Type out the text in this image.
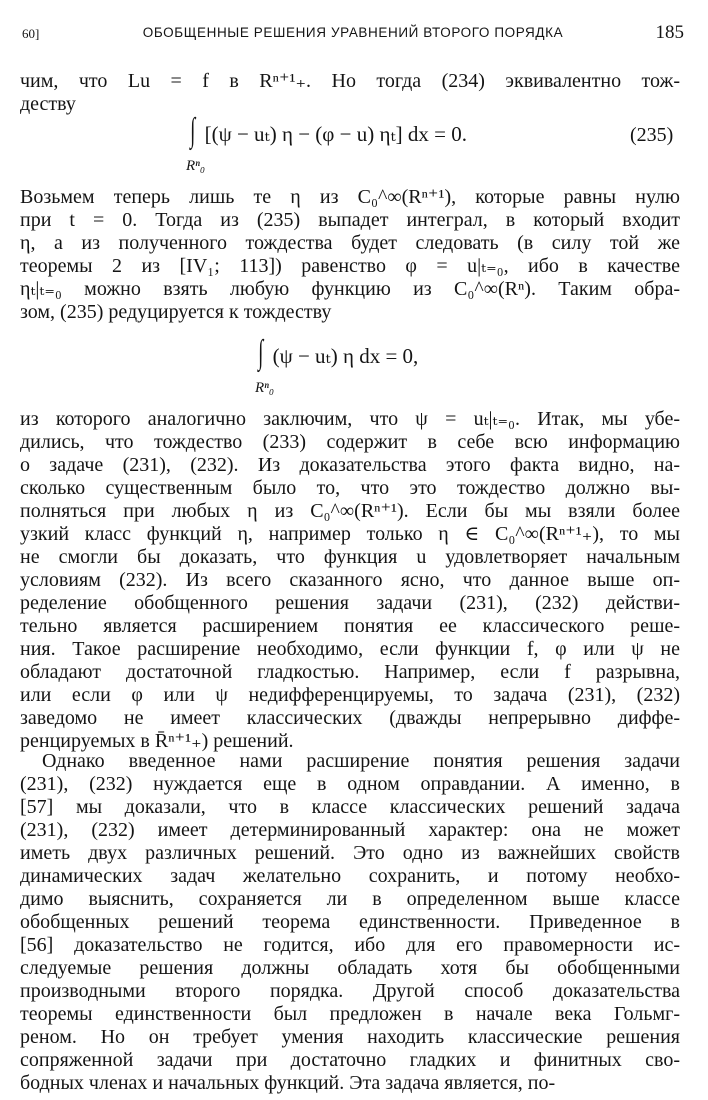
60]	ОБОБЩЕННЫЕ РЕШЕНИЯ УРАВНЕНИЙ ВТОРОГО ПОРЯДКА	185
чим, что Lu = f в Rⁿ⁺¹₊. Но тогда (234) эквивалентно тож-
деству
∫ [(ψ − uₜ) η − (φ − u) ηₜ] dx = 0.
Rⁿ₀
(235)
Возьмем теперь лишь те η из C₀^∞(Rⁿ⁺¹), которые равны нулю
при t = 0. Тогда из (235) выпадет интеграл, в который входит
η, а из полученного тождества будет следовать (в силу той же
теоремы 2 из [IV₁; 113]) равенство φ = u|ₜ₌₀, ибо в качестве
ηₜ|ₜ₌₀ можно взять любую функцию из C₀^∞(Rⁿ). Таким обра-
зом, (235) редуцируется к тождеству
∫ (ψ − uₜ) η dx = 0,
Rⁿ₀
из которого аналогично заключим, что ψ = uₜ|ₜ₌₀. Итак, мы убе-
дились, что тождество (233) содержит в себе всю информацию
о задаче (231), (232). Из доказательства этого факта видно, на-
сколько существенным было то, что это тождество должно вы-
полняться при любых η из C₀^∞(Rⁿ⁺¹). Если бы мы взяли более
узкий класс функций η, например только η ∈ C₀^∞(Rⁿ⁺¹₊), то мы
не смогли бы доказать, что функция u удовлетворяет начальным
условиям (232). Из всего сказанного ясно, что данное выше оп-
ределение обобщенного решения задачи (231), (232) действи-
тельно является расширением понятия ее классического реше-
ния. Такое расширение необходимо, если функции f, φ или ψ не
обладают достаточной гладкостью. Например, если f разрывна,
или если φ или ψ недифференцируемы, то задача (231), (232)
заведомо не имеет классических (дважды непрерывно диффе-
ренцируемых в R̄ⁿ⁺¹₊) решений.
Однако введенное нами расширение понятия решения задачи
(231), (232) нуждается еще в одном оправдании. А именно, в
[57] мы доказали, что в классе классических решений задача
(231), (232) имеет детерминированный характер: она не может
иметь двух различных решений. Это одно из важнейших свойств
динамических задач желательно сохранить, и потому необхо-
димо выяснить, сохраняется ли в определенном выше классе
обобщенных решений теорема единственности. Приведенное в
[56] доказательство не годится, ибо для его правомерности ис-
следуемые решения должны обладать хотя бы обобщенными
производными второго порядка. Другой способ доказательства
теоремы единственности был предложен в начале века Гольмг-
реном. Но он требует умения находить классические решения
сопряженной задачи при достаточно гладких и финитных сво-
бодных членах и начальных функций. Эта задача является, по-
